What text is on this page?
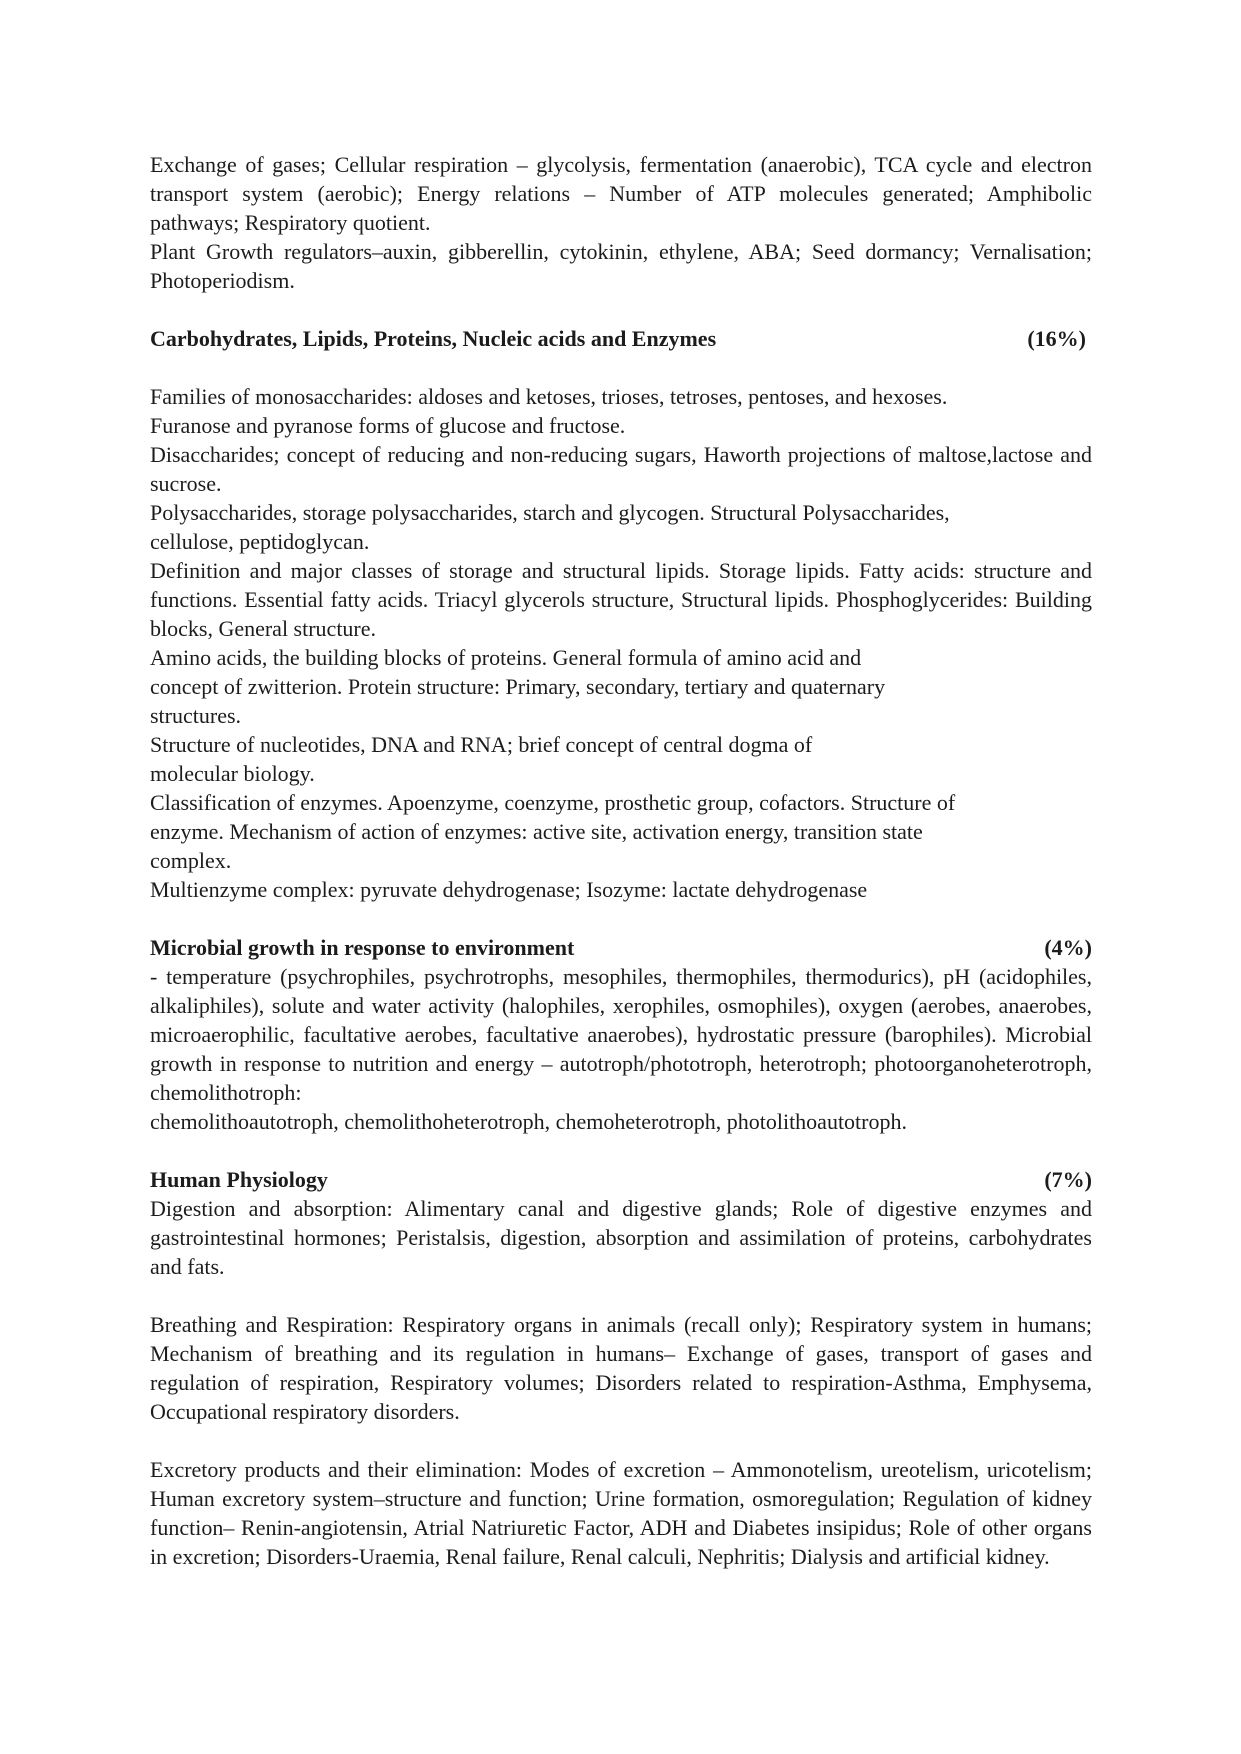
Exchange of gases; Cellular respiration – glycolysis, fermentation (anaerobic), TCA cycle and electron transport system (aerobic); Energy relations – Number of ATP molecules generated; Amphibolic pathways; Respiratory quotient.

Plant Growth regulators–auxin, gibberellin, cytokinin, ethylene, ABA; Seed dormancy; Vernalisation; Photoperiodism.

Carbohydrates, Lipids, Proteins, Nucleic acids and Enzymes	(16%)

Families of monosaccharides: aldoses and ketoses, trioses, tetroses, pentoses, and hexoses.

Furanose and pyranose forms of glucose and fructose.

Disaccharides; concept of reducing and non-reducing sugars, Haworth projections of maltose,lactose and sucrose.

Polysaccharides, storage polysaccharides, starch and glycogen. Structural Polysaccharides,

cellulose, peptidoglycan.

Definition and major classes of storage and structural lipids. Storage lipids. Fatty acids: structure and functions. Essential fatty acids. Triacyl glycerols structure, Structural lipids. Phosphoglycerides: Building blocks, General structure.

Amino acids, the building blocks of proteins. General formula of amino acid and

concept of zwitterion. Protein structure: Primary, secondary, tertiary and quaternary

structures.

Structure of nucleotides, DNA and RNA; brief concept of central dogma of

molecular biology.

Classification of enzymes. Apoenzyme, coenzyme, prosthetic group, cofactors. Structure of

enzyme. Mechanism of action of enzymes: active site, activation energy, transition state

complex.

Multienzyme complex: pyruvate dehydrogenase; Isozyme: lactate dehydrogenase

Microbial growth in response to environment	(4%)

- temperature (psychrophiles, psychrotrophs, mesophiles, thermophiles, thermodurics), pH (acidophiles, alkaliphiles), solute and water activity (halophiles, xerophiles, osmophiles), oxygen (aerobes, anaerobes, microaerophilic, facultative aerobes, facultative anaerobes), hydrostatic pressure (barophiles). Microbial growth in response to nutrition and energy – autotroph/phototroph, heterotroph; photoorganoheterotroph, chemolithotroph:

chemolithoautotroph, chemolithoheterotroph, chemoheterotroph, photolithoautotroph.

Human Physiology	(7%)

Digestion and absorption: Alimentary canal and digestive glands; Role of digestive enzymes and gastrointestinal hormones; Peristalsis, digestion, absorption and assimilation of proteins, carbohydrates and fats.

Breathing and Respiration: Respiratory organs in animals (recall only); Respiratory system in humans; Mechanism of breathing and its regulation in humans– Exchange of gases, transport of gases and regulation of respiration, Respiratory volumes; Disorders related to respiration-Asthma, Emphysema, Occupational respiratory disorders.

Excretory products and their elimination: Modes of excretion – Ammonotelism, ureotelism, uricotelism; Human excretory system–structure and function; Urine formation, osmoregulation; Regulation of kidney function– Renin-angiotensin, Atrial Natriuretic Factor, ADH and Diabetes insipidus; Role of other organs in excretion; Disorders-Uraemia, Renal failure, Renal calculi, Nephritis; Dialysis and artificial kidney.
